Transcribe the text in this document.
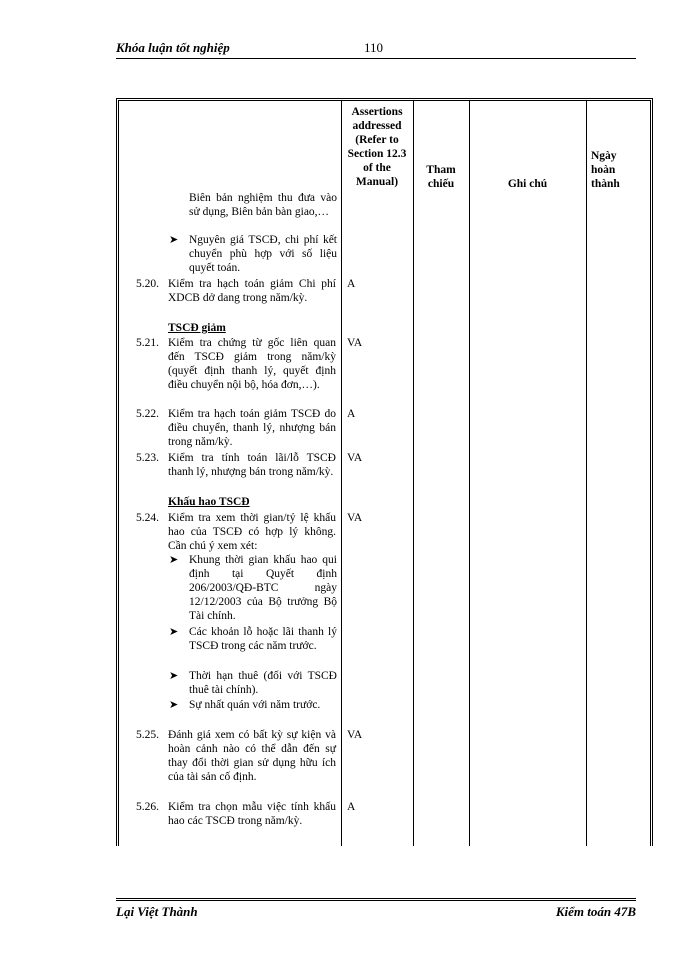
Khóa luận tốt nghiệp	110
Assertions addressed (Refer to Section 12.3 of the Manual)
Tham chiếu	Ghi chú
Ngày hoàn thành
Biên bản nghiệm thu đưa vào sử dụng, Biên bản bàn giao,…
➤ Nguyên giá TSCĐ, chi phí kết chuyển phù hợp với số liệu quyết toán.
5.20. Kiểm tra hạch toán giảm Chi phí XDCB dở dang trong năm/kỳ.
A
TSCĐ giảm
5.21. Kiểm tra chứng từ gốc liên quan đến TSCĐ giảm trong năm/kỳ (quyết định thanh lý, quyết định điều chuyển nội bộ, hóa đơn,…).
VA
5.22. Kiểm tra hạch toán giảm TSCĐ do điều chuyển, thanh lý, nhượng bán trong năm/kỳ.
A
5.23. Kiểm tra tính toán lãi/lỗ TSCĐ thanh lý, nhượng bán trong năm/kỳ.
VA
Khấu hao TSCĐ
5.24. Kiểm tra xem thời gian/tỷ lệ khấu hao của TSCĐ có hợp lý không. Cần chú ý xem xét:
VA
➤ Khung thời gian khấu hao qui định tại Quyết định 206/2003/QĐ-BTC ngày 12/12/2003 của Bộ trưởng Bộ Tài chính.
➤ Các khoản lỗ hoặc lãi thanh lý TSCĐ trong các năm trước.
➤ Thời hạn thuê (đối với TSCĐ thuê tài chính).
➤ Sự nhất quán với năm trước.
5.25. Đánh giá xem có bất kỳ sự kiện và hoàn cảnh nào có thể dẫn đến sự thay đổi thời gian sử dụng hữu ích của tài sản cố định.
VA
5.26. Kiểm tra chọn mẫu việc tính khấu hao các TSCĐ trong năm/kỳ.
A
Lại Việt Thành	Kiểm toán 47B
